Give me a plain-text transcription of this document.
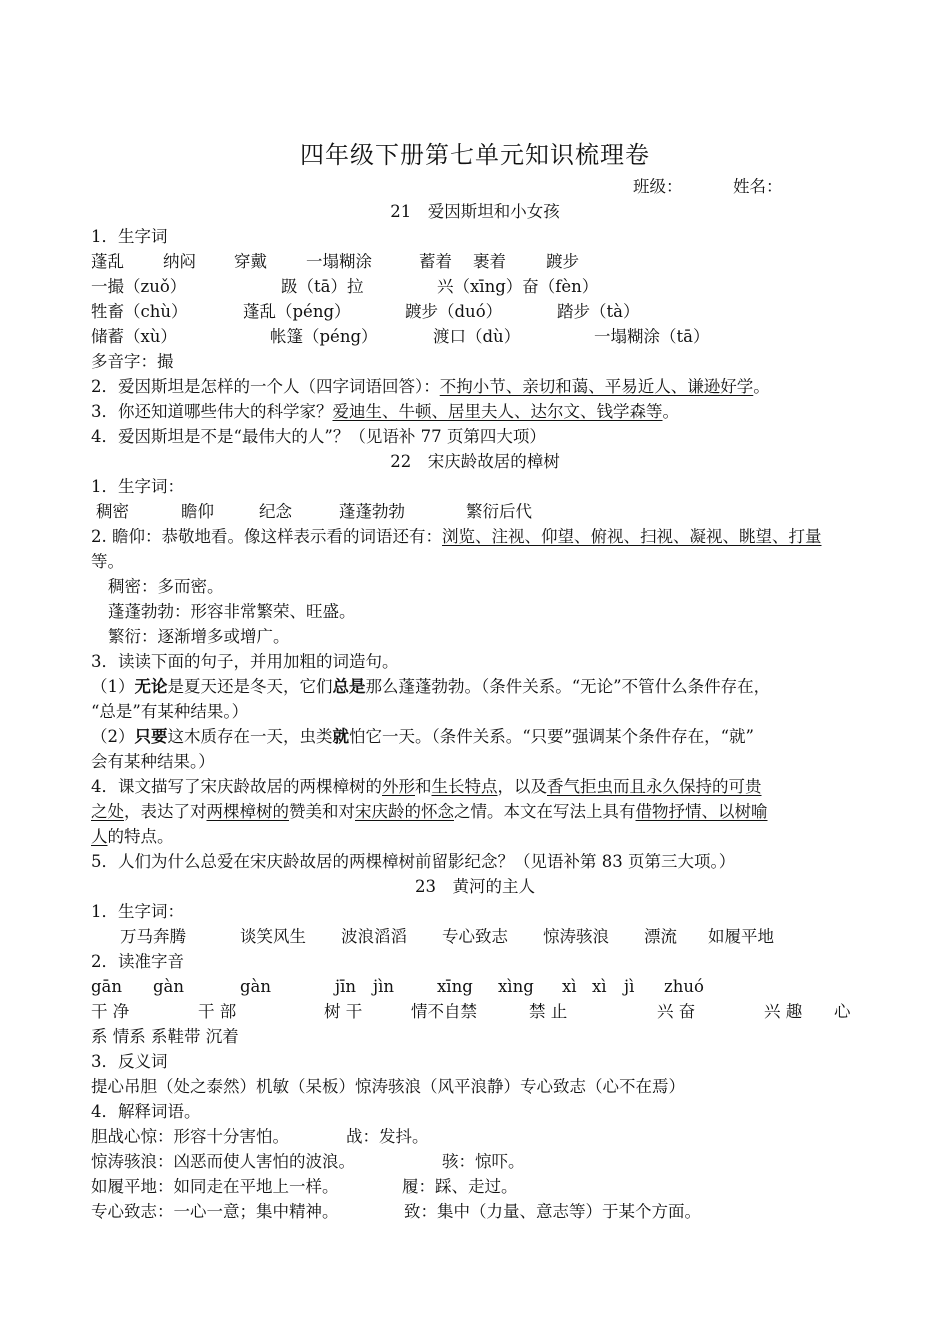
四年级下册第七单元知识梳理卷

班级：	姓名：

21　爱因斯坦和小女孩

1．生字词

蓬乱 纳闷 穿戴 一塌糊涂	蓄着 裹着 踱步

一撮（zuǒ）	趿（tā）拉	兴（xīng）奋（fèn）

牲畜（chù）	蓬乱（péng）	踱步（duó）	踏步（tà）

储蓄（xù）	帐篷（péng）	渡口（dù）	一塌糊涂（tā）

多音字：撮

2．爱因斯坦是怎样的一个人（四字词语回答）：不拘小节、亲切和蔼、平易近人、谦逊好学。

3．你还知道哪些伟大的科学家？爱迪生、牛顿、居里夫人、达尔文、钱学森等。

4．爱因斯坦是不是“最伟大的人”？（见语补 77 页第四大项）

22　宋庆龄故居的樟树

1．生字词：

稠密	瞻仰	纪念	蓬蓬勃勃	繁衍后代

2. 瞻仰：恭敬地看。像这样表示看的词语还有：浏览、注视、仰望、俯视、扫视、凝视、眺望、打量

等。

稠密：多而密。

蓬蓬勃勃：形容非常繁荣、旺盛。

繁衍：逐渐增多或增广。

3．读读下面的句子，并用加粗的词造句。

（1）无论是夏天还是冬天，它们总是那么蓬蓬勃勃。（条件关系。“无论”不管什么条件存在，

“总是”有某种结果。）

（2）只要这木质存在一天，虫类就怕它一天。（条件关系。“只要”强调某个条件存在，“就”

会有某种结果。）

4．课文描写了宋庆龄故居的两棵樟树的外形和生长特点，以及香气拒虫而且永久保持的可贵

之处，表达了对两棵樟树的赞美和对宋庆龄的怀念之情。本文在写法上具有借物抒情、以树喻

人的特点。

5．人们为什么总爱在宋庆龄故居的两棵樟树前留影纪念？（见语补第 83 页第三大项。）

23　黄河的主人

1．生字词：

万马奔腾	谈笑风生 波浪滔滔 专心致志 惊涛骇浪 漂流 如履平地

2．读准字音

gān gàn	gàn	jīn jìn	xīng xìng xì xì jì zhuó

干 净	干 部	树 干	情不自禁	禁 止	兴 奋	兴 趣 心

系 情系 系鞋带 沉着

3．反义词

提心吊胆（处之泰然）机敏（呆板）惊涛骇浪（风平浪静）专心致志（心不在焉）

4．解释词语。

胆战心惊：形容十分害怕。	战：发抖。

惊涛骇浪：凶恶而使人害怕的波浪。	骇：惊吓。

如履平地：如同走在平地上一样。	履：踩、走过。

专心致志：一心一意；集中精神。	致：集中（力量、意志等）于某个方面。
